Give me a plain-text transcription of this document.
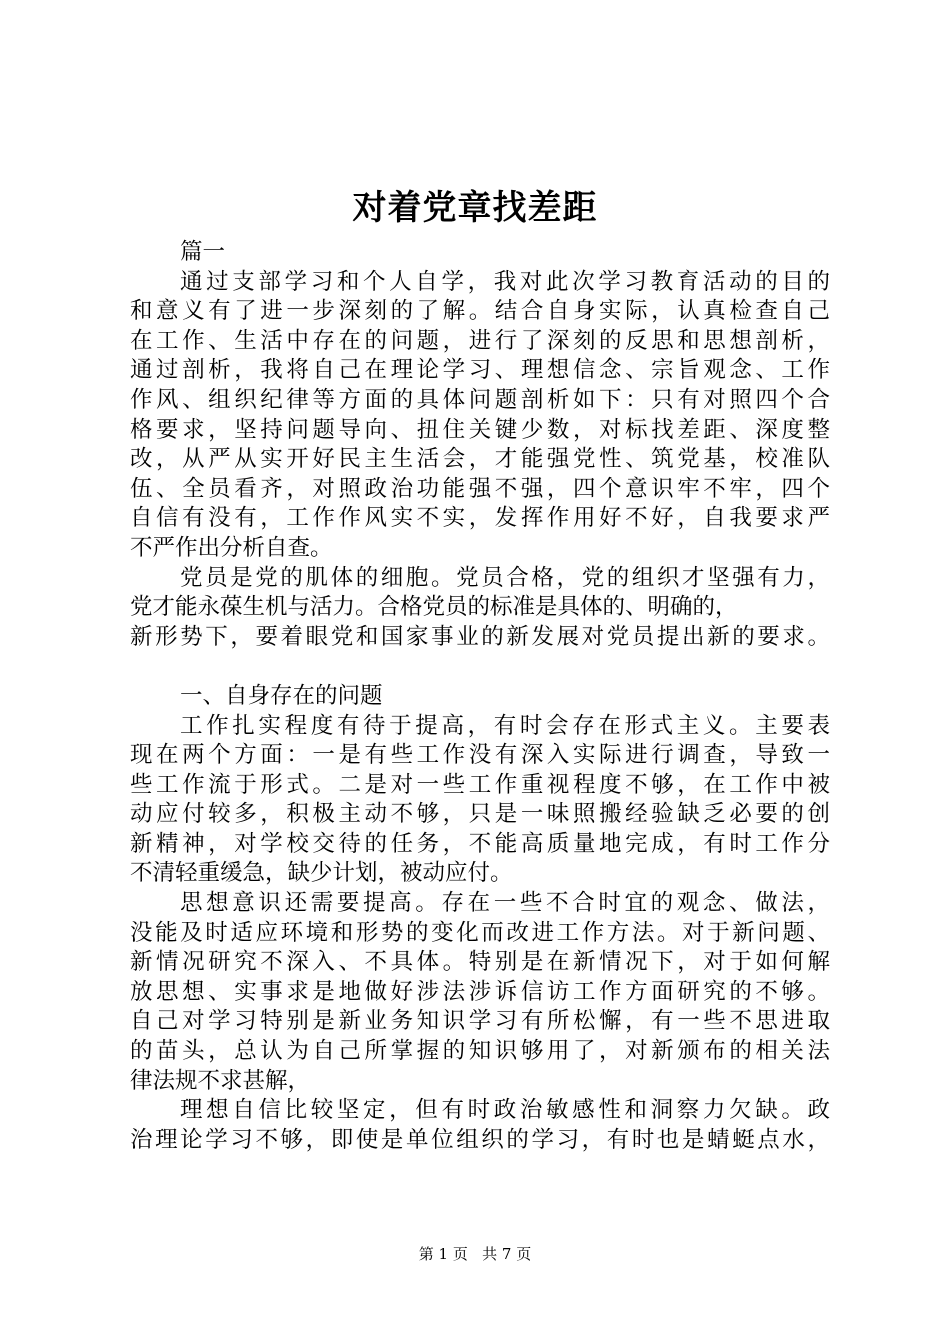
对着党章找差距
篇一
通过支部学习和个人自学，我对此次学习教育活动的目的
和意义有了进一步深刻的了解。结合自身实际，认真检查自己
在工作、生活中存在的问题，进行了深刻的反思和思想剖析，
通过剖析，我将自己在理论学习、理想信念、宗旨观念、工作
作风、组织纪律等方面的具体问题剖析如下：只有对照四个合
格要求，坚持问题导向、扭住关键少数，对标找差距、深度整
改，从严从实开好民主生活会，才能强党性、筑党基，校准队
伍、全员看齐，对照政治功能强不强，四个意识牢不牢，四个
自信有没有，工作作风实不实，发挥作用好不好，自我要求严
不严作出分析自查。
党员是党的肌体的细胞。党员合格，党的组织才坚强有力，
党才能永葆生机与活力。合格党员的标准是具体的、明确的，
新形势下，要着眼党和国家事业的新发展对党员提出新的要求。
一、自身存在的问题
工作扎实程度有待于提高，有时会存在形式主义。主要表
现在两个方面：一是有些工作没有深入实际进行调查，导致一
些工作流于形式。二是对一些工作重视程度不够，在工作中被
动应付较多，积极主动不够，只是一味照搬经验缺乏必要的创
新精神，对学校交待的任务，不能高质量地完成，有时工作分
不清轻重缓急，缺少计划，被动应付。
思想意识还需要提高。存在一些不合时宜的观念、做法，
没能及时适应环境和形势的变化而改进工作方法。对于新问题、
新情况研究不深入、不具体。特别是在新情况下，对于如何解
放思想、实事求是地做好涉法涉诉信访工作方面研究的不够。
自己对学习特别是新业务知识学习有所松懈，有一些不思进取
的苗头，总认为自己所掌握的知识够用了，对新颁布的相关法
律法规不求甚解，
理想自信比较坚定，但有时政治敏感性和洞察力欠缺。政
治理论学习不够，即使是单位组织的学习，有时也是蜻蜓点水，
第 1 页   共 7 页
